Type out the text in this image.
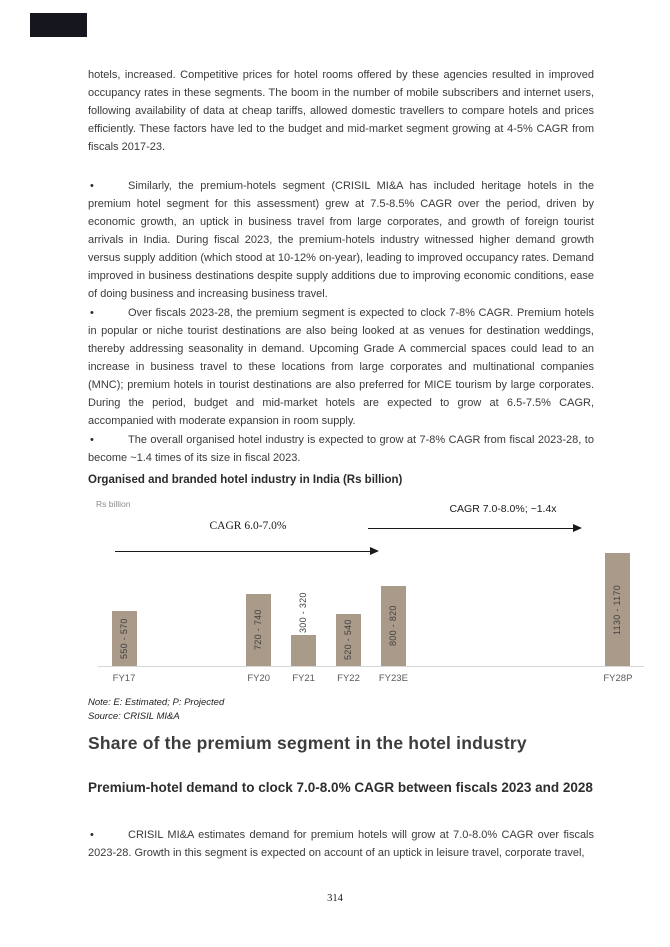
hotels, increased. Competitive prices for hotel rooms offered by these agencies resulted in improved occupancy rates in these segments. The boom in the number of mobile subscribers and internet users, following availability of data at cheap tariffs, allowed domestic travellers to compare hotels and prices efficiently. These factors have led to the budget and mid-market segment growing at 4-5% CAGR from fiscals 2017-23.

•	Similarly, the premium-hotels segment (CRISIL MI&A has included heritage hotels in the premium hotel segment for this assessment) grew at 7.5-8.5% CAGR over the period, driven by economic growth, an uptick in business travel from large corporates, and growth of foreign tourist arrivals in India. During fiscal 2023, the premium-hotels industry witnessed higher demand growth versus supply addition (which stood at 10-12% on-year), leading to improved occupancy rates. Demand improved in business destinations despite supply additions due to improving economic conditions, ease of doing business and increasing business travel.

•	Over fiscals 2023-28, the premium segment is expected to clock 7-8% CAGR. Premium hotels in popular or niche tourist destinations are also being looked at as venues for destination weddings, thereby addressing seasonality in demand. Upcoming Grade A commercial spaces could lead to an increase in business travel to these locations from large corporates and multinational companies (MNC); premium hotels in tourist destinations are also preferred for MICE tourism by large corporates. During the period, budget and mid-market hotels are expected to grow at 6.5-7.5% CAGR, accompanied with moderate expansion in room supply.

•	The overall organised hotel industry is expected to grow at 7-8% CAGR from fiscal 2023-28, to become ~1.4 times of its size in fiscal 2023.

Organised and branded hotel industry in India (Rs billion)
Rs billion
CAGR 6.0-7.0%
CAGR 7.0-8.0%; ~1.4x
550 - 570
FY17
720 - 740
FY20
300 - 320
FY21
520 - 540
FY22
800 - 820
FY23E
1130 - 1170
FY28P

Note: E: Estimated; P: Projected

Source: CRISIL MI&A

Share of the premium segment in the hotel industry
Premium-hotel demand to clock 7.0-8.0% CAGR between fiscals 2023 and 2028
•	CRISIL MI&A estimates demand for premium hotels will grow at 7.0-8.0% CAGR over fiscals 2023-28. Growth in this segment is expected on account of an uptick in leisure travel, corporate travel,

314
